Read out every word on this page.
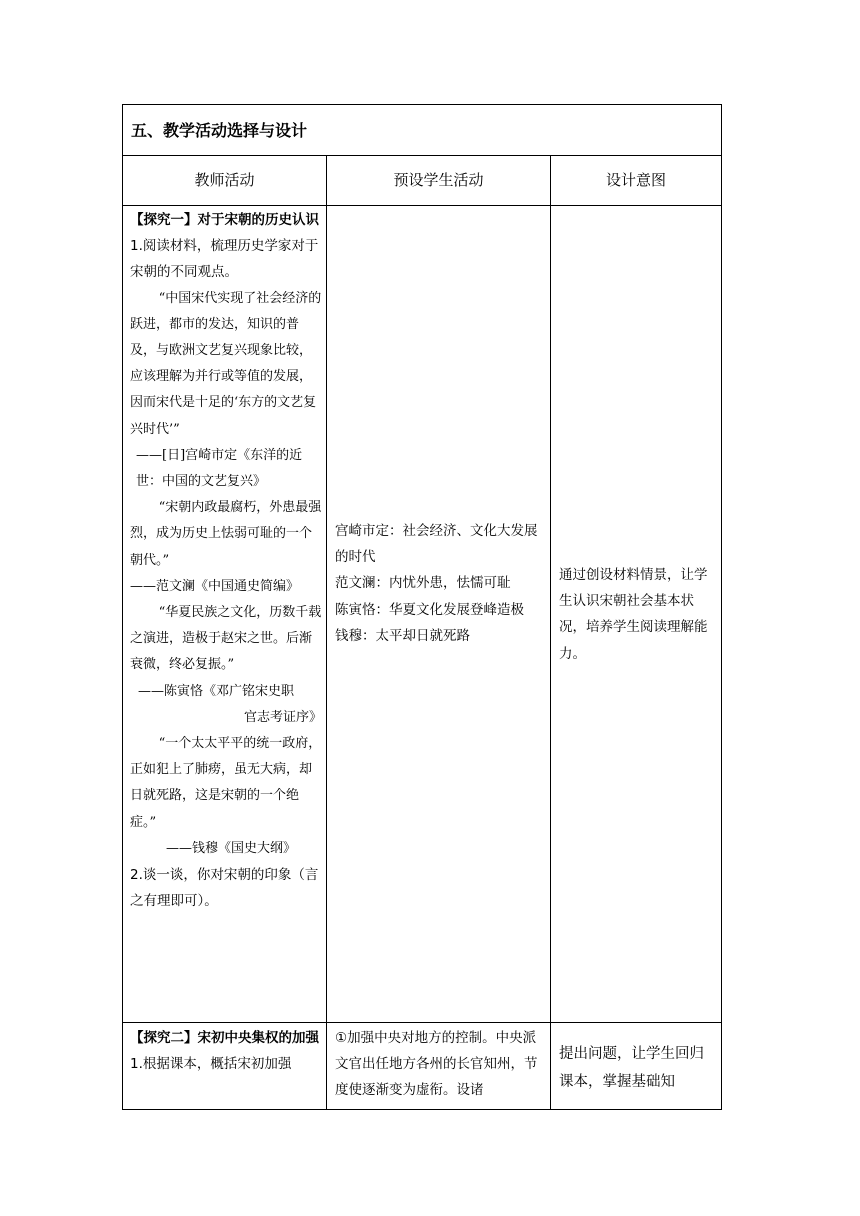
五、教学活动选择与设计
教师活动	预设学生活动	设计意图

【探究一】对于宋朝的历史认识

1.阅读材料，梳理历史学家对于宋朝的不同观点。

“中国宋代实现了社会经济的跃进，都市的发达，知识的普及，与欧洲文艺复兴现象比较，应该理解为并行或等值的发展，因而宋代是十足的‘东方的文艺复兴时代’”

——[日]宫崎市定《东洋的近世：中国的文艺复兴》

“宋朝内政最腐朽，外患最强烈，成为历史上怯弱可耻的一个朝代。”

——范文澜《中国通史简编》

“华夏民族之文化，历数千载之演进，造极于赵宋之世。后渐衰微，终必复振。”

——陈寅恪《邓广铭宋史职

官志考证序》

“一个太太平平的统一政府，正如犯上了肺痨，虽无大病，却日就死路，这是宋朝的一个绝症。”

——钱穆《国史大纲》

2.谈一谈，你对宋朝的印象（言之有理即可）。

宫崎市定：社会经济、文化大发展的时代

范文澜：内忧外患，怯懦可耻

陈寅恪：华夏文化发展登峰造极

钱穆：太平却日就死路

通过创设材料情景，让学生认识宋朝社会基本状况，培养学生阅读理解能力。

【探究二】宋初中央集权的加强

1.根据课本，概括宋初加强

①加强中央对地方的控制。中央派文官出任地方各州的长官知州，节度使逐渐变为虚衔。设诸

提出问题，让学生回归课本，掌握基础知
